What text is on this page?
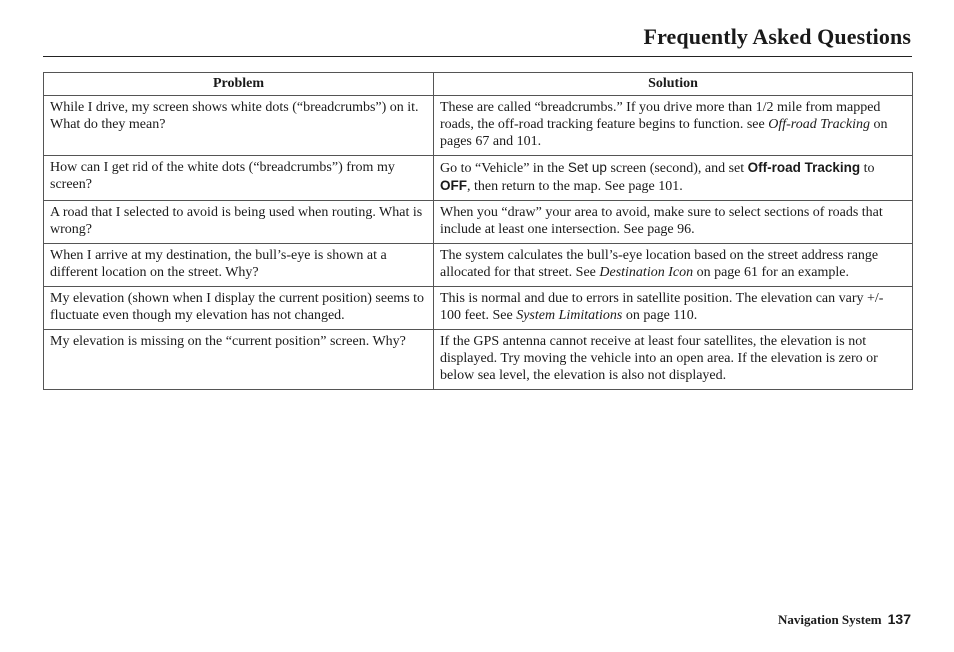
Frequently Asked Questions
Problem	Solution
While I drive, my screen shows white dots (“breadcrumbs”) on it. What do they mean?	These are called “breadcrumbs.” If you drive more than 1/2 mile from mapped roads, the off-road tracking feature begins to function. see Off-road Tracking on pages 67 and 101.
How can I get rid of the white dots (“breadcrumbs”) from my screen?	Go to “Vehicle” in the Set up screen (second), and set Off-road Tracking to OFF, then return to the map. See page 101.
A road that I selected to avoid is being used when routing. What is wrong?	When you “draw” your area to avoid, make sure to select sections of roads that include at least one intersection. See page 96.
When I arrive at my destination, the bull’s-eye is shown at a different location on the street. Why?	The system calculates the bull’s-eye location based on the street address range allocated for that street. See Destination Icon on page 61 for an example.
My elevation (shown when I display the current position) seems to fluctuate even though my elevation has not changed.	This is normal and due to errors in satellite position. The elevation can vary +/- 100 feet. See System Limitations on page 110.
My elevation is missing on the “current position” screen. Why?	If the GPS antenna cannot receive at least four satellites, the elevation is not displayed. Try moving the vehicle into an open area. If the elevation is zero or below sea level, the elevation is also not displayed.
Navigation System 137
